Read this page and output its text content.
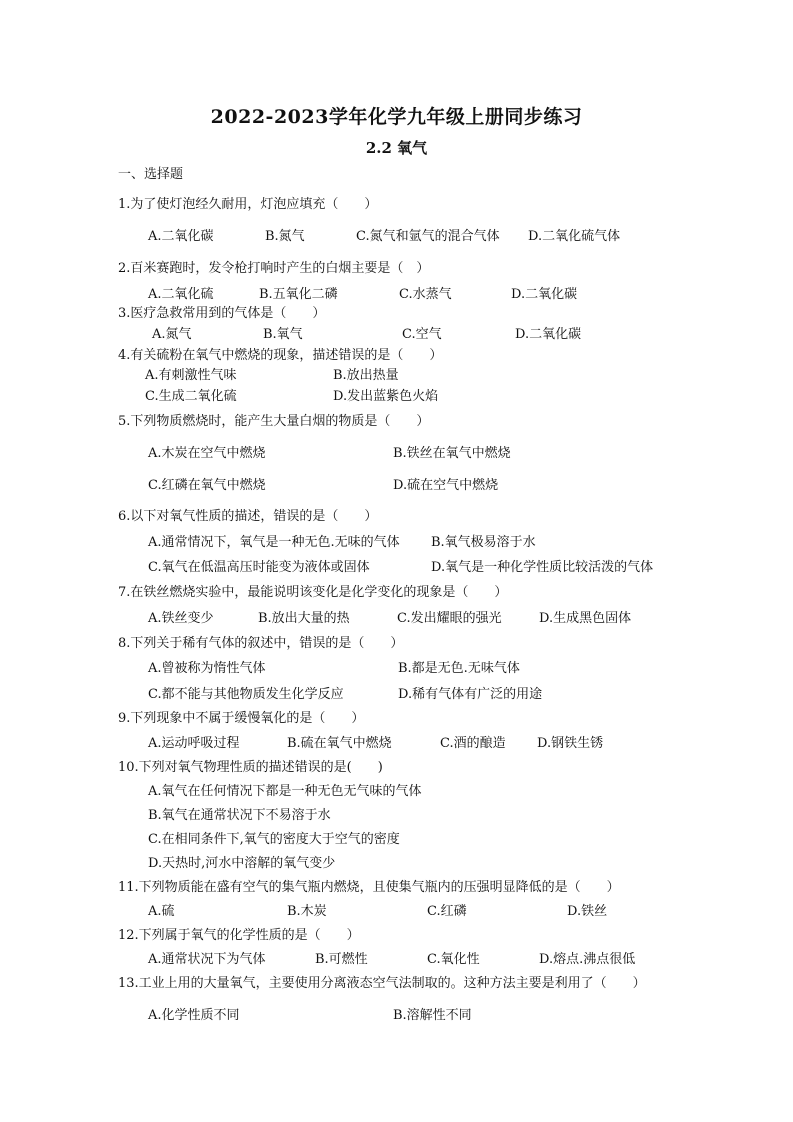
2022-2023学年化学九年级上册同步练习
2.2 氧气
一、选择题
1.为了使灯泡经久耐用，灯泡应填充（　　）
A.二氧化碳	B.氮气	C.氮气和氩气的混合气体 D.二氧化硫气体
2.百米赛跑时，发令枪打响时产生的白烟主要是（　）
A.二氧化硫	B.五氧化二磷	C.水蒸气	D.二氧化碳
3.医疗急救常用到的气体是（　　）
A.氮气	B.氧气	C.空气	D.二氧化碳
4.有关硫粉在氧气中燃烧的现象，描述错误的是（　　）
A.有刺激性气味	B.放出热量
C.生成二氧化硫	D.发出蓝紫色火焰
5.下列物质燃烧时，能产生大量白烟的物质是（　　）
A.木炭在空气中燃烧	B.铁丝在氧气中燃烧
C.红磷在氧气中燃烧	D.硫在空气中燃烧
6.以下对氧气性质的描述，错误的是（　　）
A.通常情况下，氧气是一种无色.无味的气体 B.氧气极易溶于水
C.氧气在低温高压时能变为液体或固体	D.氧气是一种化学性质比较活泼的气体
7.在铁丝燃烧实验中，最能说明该变化是化学变化的现象是（　　）
A.铁丝变少	B.放出大量的热	C.发出耀眼的强光	D.生成黑色固体
8.下列关于稀有气体的叙述中，错误的是（　　）
A.曾被称为惰性气体	B.都是无色.无味气体
C.都不能与其他物质发生化学反应	D.稀有气体有广泛的用途
9.下列现象中不属于缓慢氧化的是（　　）
A.运动呼吸过程	B.硫在氧气中燃烧	C.酒的酿造 D.钢铁生锈
10.下列对氧气物理性质的描述错误的是(　　)
A.氧气在任何情况下都是一种无色无气味的气体
B.氧气在通常状况下不易溶于水
C.在相同条件下,氧气的密度大于空气的密度
D.天热时,河水中溶解的氧气变少
11.下列物质能在盛有空气的集气瓶内燃烧，且使集气瓶内的压强明显降低的是（　　）
A.硫	B.木炭	C.红磷	D.铁丝
12.下列属于氧气的化学性质的是（　　）
A.通常状况下为气体	B.可燃性	C.氧化性	D.熔点.沸点很低
13.工业上用的大量氧气，主要使用分离液态空气法制取的。这种方法主要是利用了（　　）
A.化学性质不同	B.溶解性不同
